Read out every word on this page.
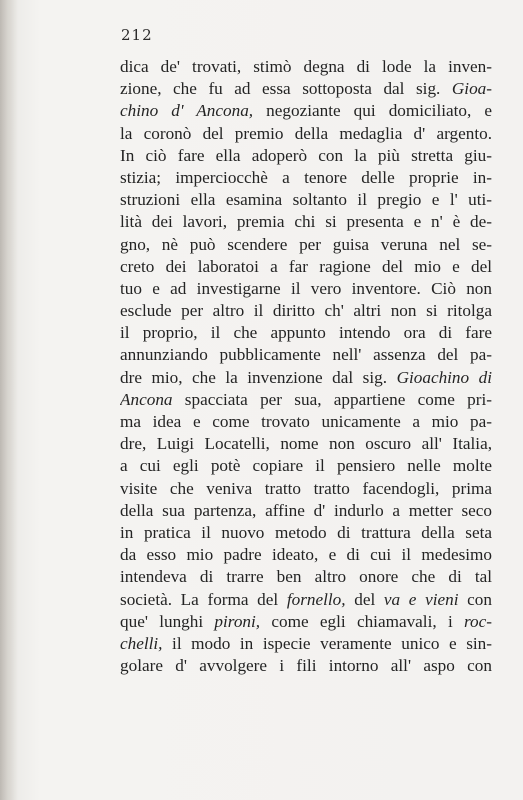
212
dica de' trovati, stimò degna di lode la inven-
zione, che fu ad essa sottoposta dal sig. Gioa-
chino d' Ancona, negoziante qui domiciliato, e
la coronò del premio della medaglia d' argento.
In ciò fare ella adoperò con la più stretta giu-
stizia; imperciocchè a tenore delle proprie in-
struzioni ella esamina soltanto il pregio e l' uti-
lità dei lavori, premia chi si presenta e n' è de-
gno, nè può scendere per guisa veruna nel se-
creto dei laboratoi a far ragione del mio e del
tuo e ad investigarne il vero inventore. Ciò non
esclude per altro il diritto ch' altri non si ritolga
il proprio, il che appunto intendo ora di fare
annunziando pubblicamente nell' assenza del pa-
dre mio, che la invenzione dal sig. Gioachino di
Ancona spacciata per sua, appartiene come pri-
ma idea e come trovato unicamente a mio pa-
dre, Luigi Locatelli, nome non oscuro all' Italia,
a cui egli potè copiare il pensiero nelle molte
visite che veniva tratto tratto facendogli, prima
della sua partenza, affine d' indurlo a metter seco
in pratica il nuovo metodo di trattura della seta
da esso mio padre ideato, e di cui il medesimo
intendeva di trarre ben altro onore che di tal
società. La forma del fornello, del va e vieni con
que' lunghi pironi, come egli chiamavali, i roc-
chelli, il modo in ispecie veramente unico e sin-
golare d' avvolgere i fili intorno all' aspo con
